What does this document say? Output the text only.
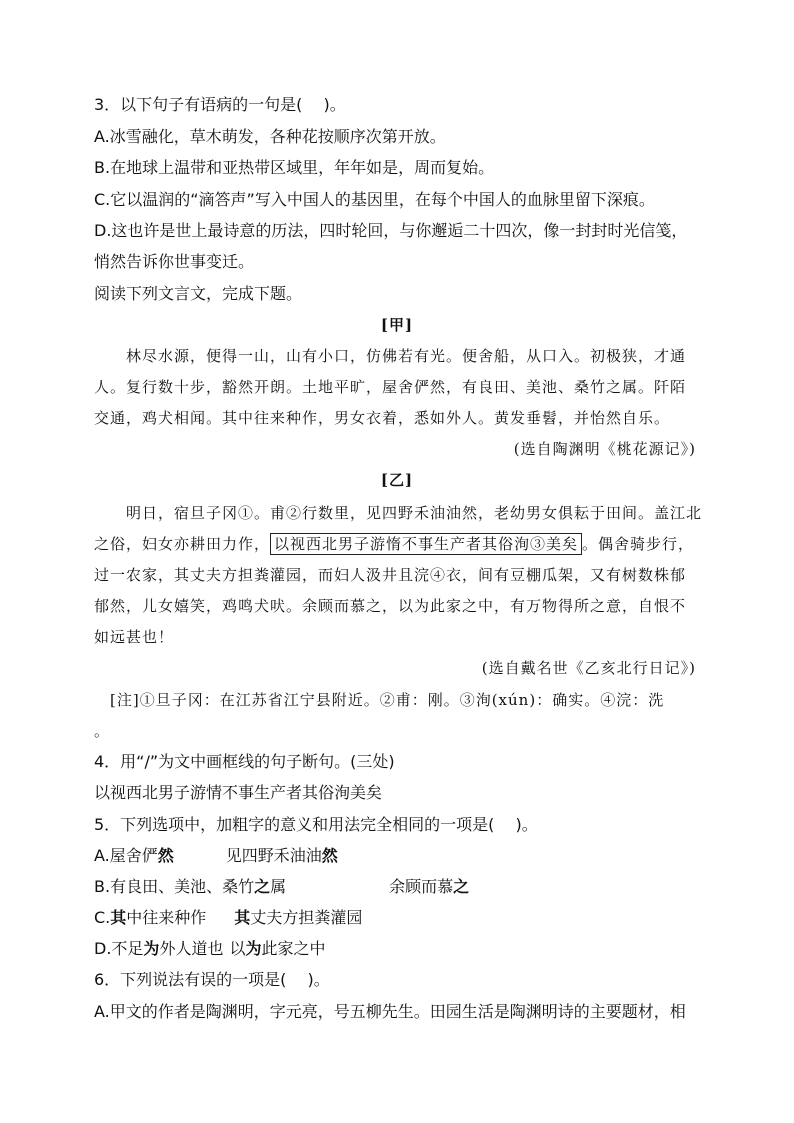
3．以下句子有语病的一句是(　 )。
A.冰雪融化，草木萌发，各种花按顺序次第开放。
B.在地球上温带和亚热带区域里，年年如是，周而复始。
C.它以温润的“滴答声”写入中国人的基因里，在每个中国人的血脉里留下深痕。
D.这也许是世上最诗意的历法，四时轮回，与你邂逅二十四次，像一封封时光信笺，
悄然告诉你世事变迁。
阅读下列文言文，完成下题。
[甲]
林尽水源，便得一山，山有小口，仿佛若有光。便舍船，从口入。初极狭，才通
人。复行数十步，豁然开朗。土地平旷，屋舍俨然，有良田、美池、桑竹之属。阡陌
交通，鸡犬相闻。其中往来种作，男女衣着，悉如外人。黄发垂髫，并怡然自乐。
(选自陶渊明《桃花源记》)
[乙]
明日，宿旦子冈①。甫②行数里，见四野禾油油然，老幼男女俱耘于田间。盖江北
之俗，妇女亦耕田力作， 以视西北男子游惰不事生产者其俗洵③美矣 。偶舍骑步行，
过一农家，其丈夫方担粪灌园，而妇人汲井且浣④衣，间有豆棚瓜架，又有树数株郁
郁然，儿女嬉笑，鸡鸣犬吠。余顾而慕之，以为此家之中，有万物得所之意，自恨不
如远甚也！
(选自戴名世《乙亥北行日记》)
[注]①旦子冈：在江苏省江宁县附近。②甫：刚。③洵(xún)：确实。④浣：洗
。
4．用“/”为文中画框线的句子断句。(三处)
以视西北男子游情不事生产者其俗洵美矣
5．下列选项中，加粗字的意义和用法完全相同的一项是(　 )。
A.屋舍俨然	见四野禾油油然
B.有良田、美池、桑竹之属	余顾而慕之
C.其中往来种作 其丈夫方担粪灌园
D.不足为外人道也 以为此家之中
6．下列说法有误的一项是(　 )。
A.甲文的作者是陶渊明，字元亮，号五柳先生。田园生活是陶渊明诗的主要题材，相
